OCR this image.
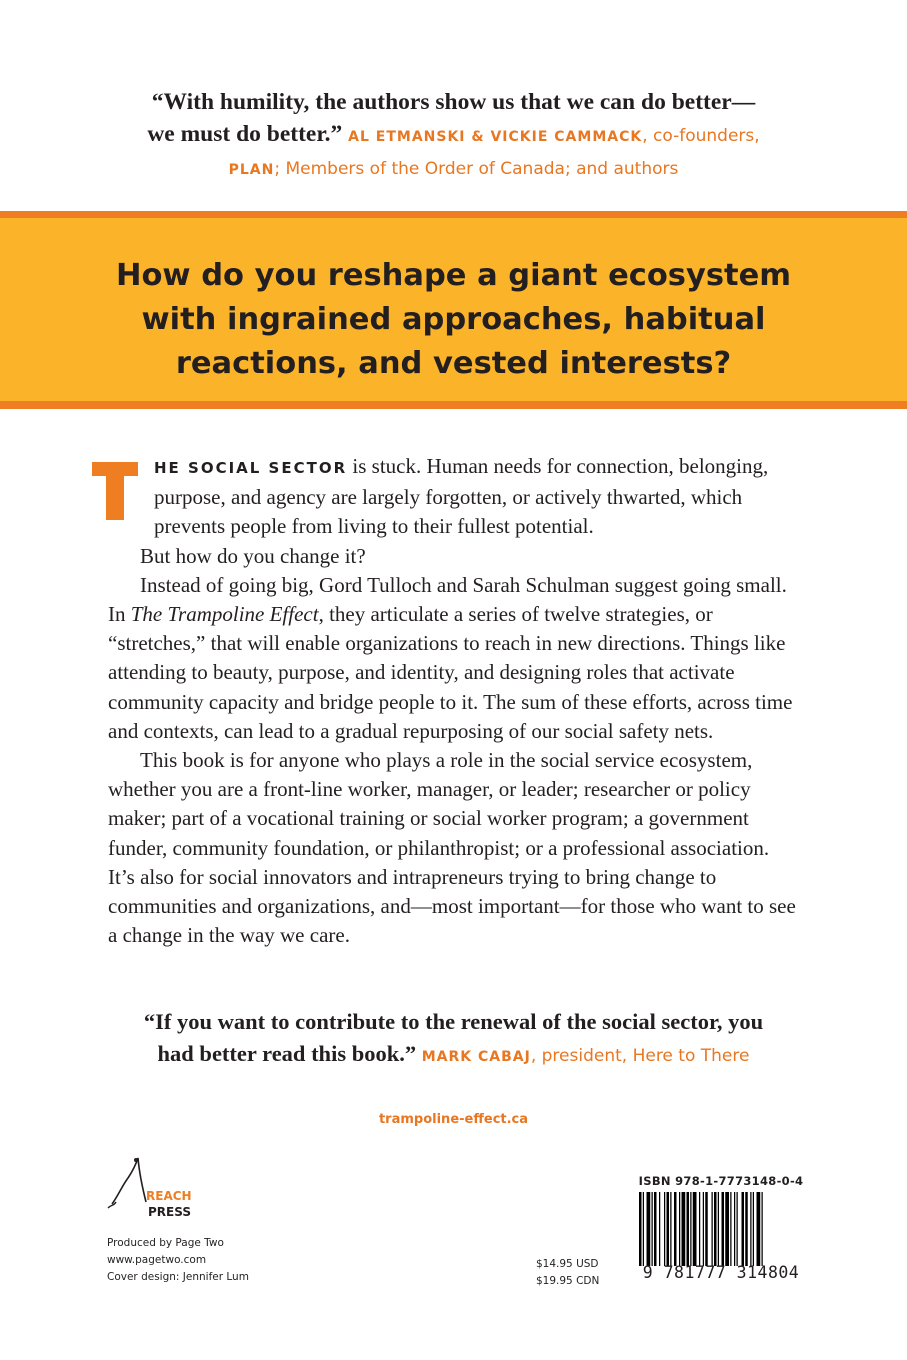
“With humility, the authors show us that we can do better—
we must do better.” AL ETMANSKI & VICKIE CAMMACK, co-founders,
PLAN; Members of the Order of Canada; and authors
How do you reshape a giant ecosystem
with ingrained approaches, habitual
reactions, and vested interests?
T

HE SOCIAL SECTOR is stuck. Human needs for connection, belonging, purpose, and agency are largely forgotten, or actively thwarted, which prevents people from living to their fullest potential.

But how do you change it?

Instead of going big, Gord Tulloch and Sarah Schulman suggest going small. In The Trampoline Effect, they articulate a series of twelve strategies, or “stretches,” that will enable organizations to reach in new directions. Things like attending to beauty, purpose, and identity, and designing roles that activate community capacity and bridge people to it. The sum of these efforts, across time and contexts, can lead to a gradual repurposing of our social safety nets.

This book is for anyone who plays a role in the social service ecosystem, whether you are a front-line worker, manager, or leader; researcher or policy maker; part of a vocational training or social worker program; a government funder, community foundation, or philanthropist; or a professional association. It’s also for social innovators and intrapreneurs trying to bring change to communities and organizations, and—most important—for those who want to see a change in the way we care.

“If you want to contribute to the renewal of the social sector, you
had better read this book.” MARK CABAJ, president, Here to There
trampoline-effect.ca
REACH
PRESS
Produced by Page Two
www.pagetwo.com
Cover design: Jennifer Lum
$14.95 USD
$19.95 CDN
ISBN 978-1-7773148-0-4
9 781777 314804
